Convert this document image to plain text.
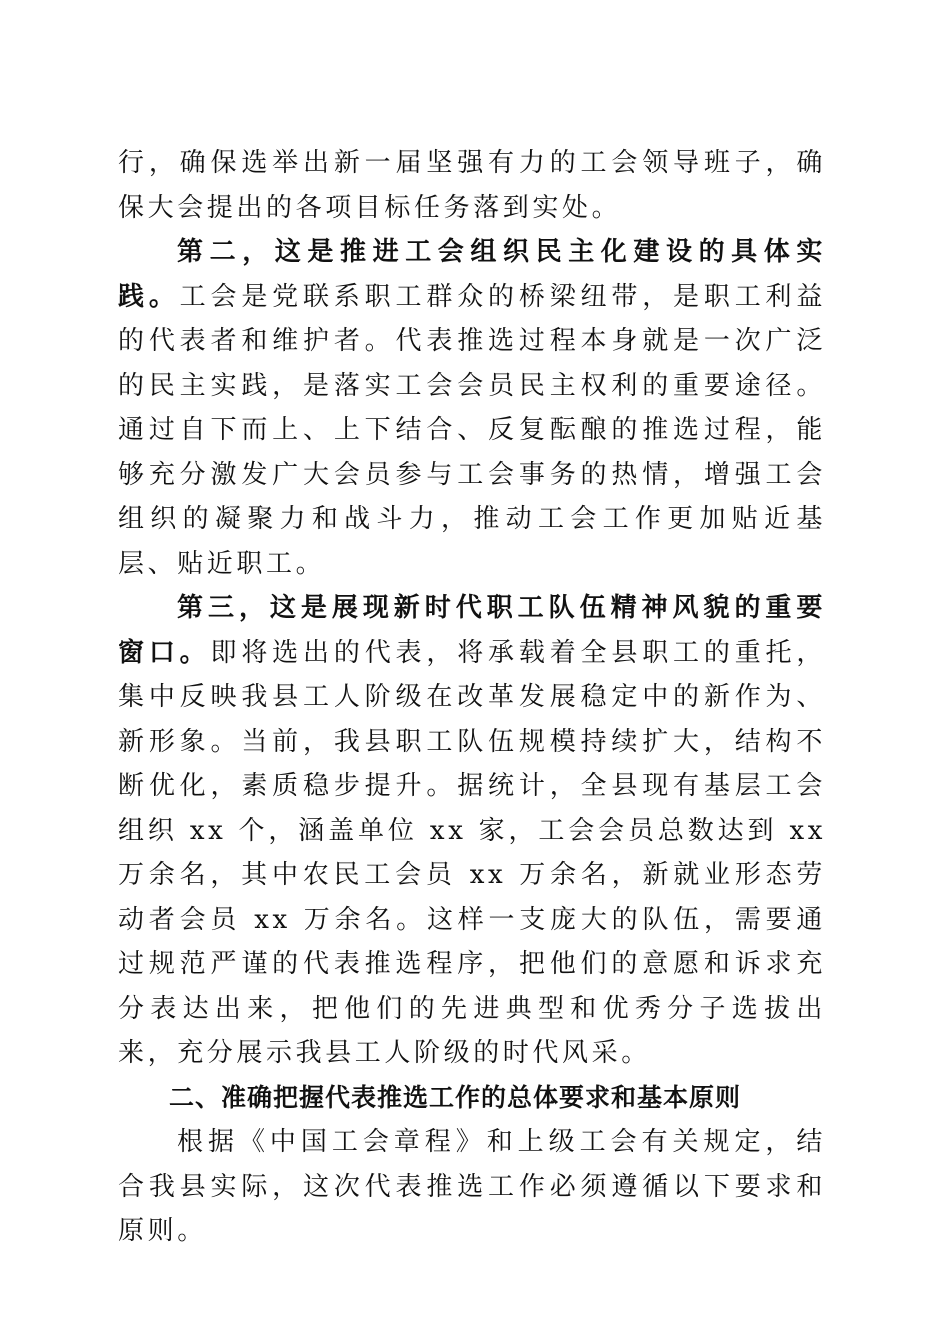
行，确保选举出新一届坚强有力的工会领导班子，确保大会提出的各项目标任务落到实处。

第二，这是推进工会组织民主化建设的具体实践。工会是党联系职工群众的桥梁纽带，是职工利益的代表者和维护者。代表推选过程本身就是一次广泛的民主实践，是落实工会会员民主权利的重要途径。通过自下而上、上下结合、反复酝酿的推选过程，能够充分激发广大会员参与工会事务的热情，增强工会组织的凝聚力和战斗力，推动工会工作更加贴近基层、贴近职工。

第三，这是展现新时代职工队伍精神风貌的重要窗口。即将选出的代表，将承载着全县职工的重托，集中反映我县工人阶级在改革发展稳定中的新作为、新形象。当前，我县职工队伍规模持续扩大，结构不断优化，素质稳步提升。据统计，全县现有基层工会组织 xx 个，涵盖单位 xx 家，工会会员总数达到 xx 万余名，其中农民工会员 xx 万余名，新就业形态劳动者会员 xx 万余名。这样一支庞大的队伍，需要通过规范严谨的代表推选程序，把他们的意愿和诉求充分表达出来，把他们的先进典型和优秀分子选拔出来，充分展示我县工人阶级的时代风采。

二、准确把握代表推选工作的总体要求和基本原则

根据《中国工会章程》和上级工会有关规定，结合我县实际，这次代表推选工作必须遵循以下要求和原则。
